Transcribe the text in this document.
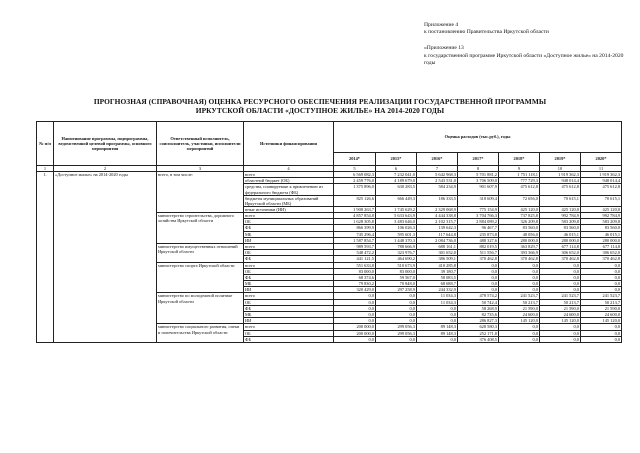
Приложение 4
к постановлению Правительства Иркутской области

«Приложение 13
к государственной программе Иркутской области «Доступное жилье» на 2014-2020 годы

ПРОГНОЗНАЯ (СПРАВОЧНАЯ) ОЦЕНКА РЕСУРСНОГО ОБЕСПЕЧЕНИЯ РЕАЛИЗАЦИИ ГОСУДАРСТВЕННОЙ ПРОГРАММЫ
ИРКУТСКОЙ ОБЛАСТИ «ДОСТУПНОЕ ЖИЛЬЕ» НА 2014-2020 ГОДЫ
№ п/п	Наименование программы, подпрограммы, ведомственной целевой программы, основного мероприятия	Ответственный исполнитель, соисполнитель, участники, исполнители мероприятий	Источники финансирования	Оценка расходов (тыс.руб.), годы						
				2014*	2015*	2016*	2017*	2018*	2019*	2020*
1	2	3	4	5	6	7	8	9	10	11
1.	«Доступное жилье» на 2014-2020 годы	всего, в том числе:	всего	6 569 082,3	7 232 041,0	5 642 968,3	5 701 881,2	1 751 118,1	1 919 362,3	1 919 362,3
			областной бюджет (ОБ)	2 459 776,0	4 189 679,0	2 543 531,0	3 706 509,0	777 729,3	948 014,4	948 014,4
			средства, планируемые к привлечению из федерального бюджета (ФБ)	1 375 896,0	630 283,5	584 234,9	901 607,9	475 612,8	475 612,8	475 612,8
			бюджеты муниципальных образований Иркутской области (МБ)	825 126,6	666 449,3	186 333,5	318 609,4	72 656,0	70 615,1	70 615,1
			иные источники (ИИ)	1 908 263,7	1 745 629,2	2 329 068,9	775 154,9	425 120,0	425 120,0	425 120,0
		министерство строительства, дорожного хозяйства Иркутской области	всего	4 857 854,8	5 633 643,9	4 444 338,8	3 704 766,3	737 825,8	992 784,9	992 784,9
			ОБ	1 628 305,8	3 483 646,0	2 102 315,7	2 884 089,2	326 209,8	583 209,8	583 209,8
			ФБ	866 399,9	106 026,3	139 642,3	96 467,7	83 560,0	83 560,0	83 560,0
			МБ	745 296,4	595 601,3	117 644,8	235 873,8	48 056,0	46 015,1	46 015,1
			ИИ	1 587 854,7	1 448 370,3	2 084 736,0	488 327,6	280 000,0	280 000,0	280 000,0
		министерство имущественных отношений Иркутской области	всего	989 593,7	788 666,9	688 161,1	882 019,5	363 829,7	677 114,8	677 114,8
			ОБ	548 472,2	323 976,7	301 652,0	511 556,7	393 366,9	306 652,0	306 652,0
			ФБ	441 121,5	464 690,2	386 509,1	370 462,8	370 462,8	370 462,8	370 462,8
		министерство спорта Иркутской области	всего	551 633,8	510 673,9	410 285,8	0,0	0,0	0,0	0,0
			ОБ	83 000,0	83 000,0	39 180,7	0,0	0,0	0,0	0,0
			ФБ	68 374,6	59 567,0	58 083,5	0,0	0,0	0,0	0,0
			МБ	79 830,2	70 848,0	68 688,7	0,0	0,0	0,0	0,0
			ИИ	320 429,0	297 258,9	244 332,9	0,0	0,0	0,0	0,0
		министерство по молодежной политике Иркутской области	всего	0,0	0,0	11 034,3	478 574,2	241 523,7	241 523,7	241 523,7
			ОБ	0,0	0,0	11 034,3	50 742,4	50 213,7	50 213,7	50 213,7
			ФБ	0,0	0,0	0,0	58 268,9	21 590,0	21 590,0	21 590,0
			МБ	0,0	0,0	0,0	82 735,6	24 600,0	24 600,0	24 600,0
			ИИ	0,0	0,0	0,0	286 827,3	145 120,0	145 120,0	145 120,0
		министерство социального развития, опеки и попечительства Иркутской области	всего	200 000,0	299 056,3	89 148,3	628 580,3	0,0	0,0	0,0
			ОБ	200 000,0	299 056,3	89 148,3	252 171,8	0,0	0,0	0,0
			ФБ	0,0	0,0	0,0	376 408,5	0,0	0,0	0,0
